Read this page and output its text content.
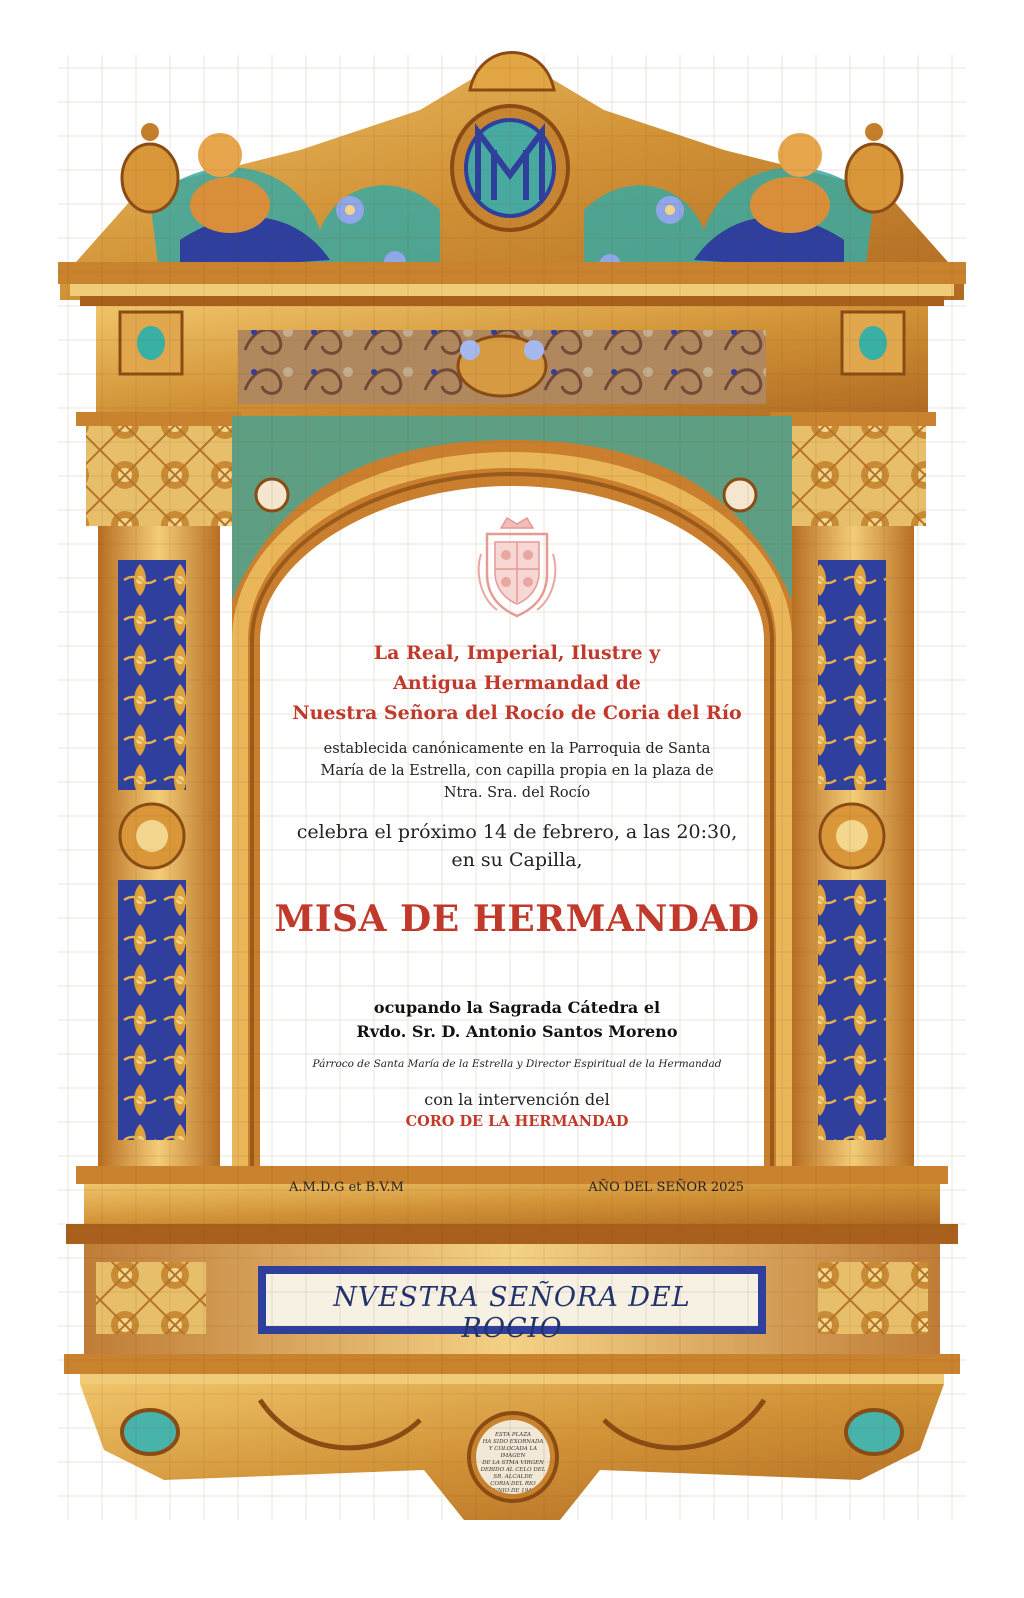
ESTA PLAZA
HA SIDO EXORNADA
Y COLOCADA LA IMAGEN
DE LA STMA VIRGEN
DEBIDO AL CELO DEL
SR. ALCALDE
CORIA DEL RIO
JUNIO DE 1942
NVESTRA SEÑORA DEL ROCIO
La Real, Imperial, Ilustre y
Antigua Hermandad de
Nuestra Señora del Rocío de Coria del Río
establecida canónicamente en la Parroquia de Santa
María de la Estrella, con capilla propia en la plaza de
Ntra. Sra. del Rocío
celebra el próximo 14 de febrero, a las 20:30,
en su Capilla,
MISA DE HERMANDAD
ocupando la Sagrada Cátedra el
Rvdo. Sr. D. Antonio Santos Moreno
Párroco de Santa María de la Estrella y Director Espiritual de la Hermandad
con la intervención del
CORO DE LA HERMANDAD
A.M.D.G et B.V.M	AÑO DEL SEÑOR 2025
